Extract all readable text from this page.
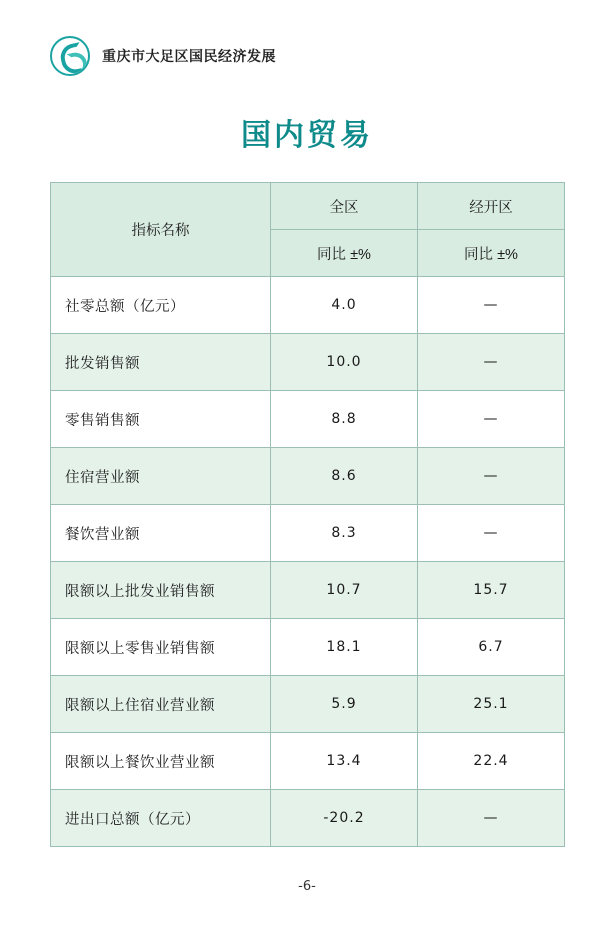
重庆市大足区国民经济发展
国内贸易
指标名称	全区	经开区
	同比 ±%	同比 ±%
社零总额（亿元）	4.0	—
批发销售额	10.0	—
零售销售额	8.8	—
住宿营业额	8.6	—
餐饮营业额	8.3	—
限额以上批发业销售额	10.7	15.7
限额以上零售业销售额	18.1	6.7
限额以上住宿业营业额	5.9	25.1
限额以上餐饮业营业额	13.4	22.4
进出口总额（亿元）	-20.2	—
-6-
